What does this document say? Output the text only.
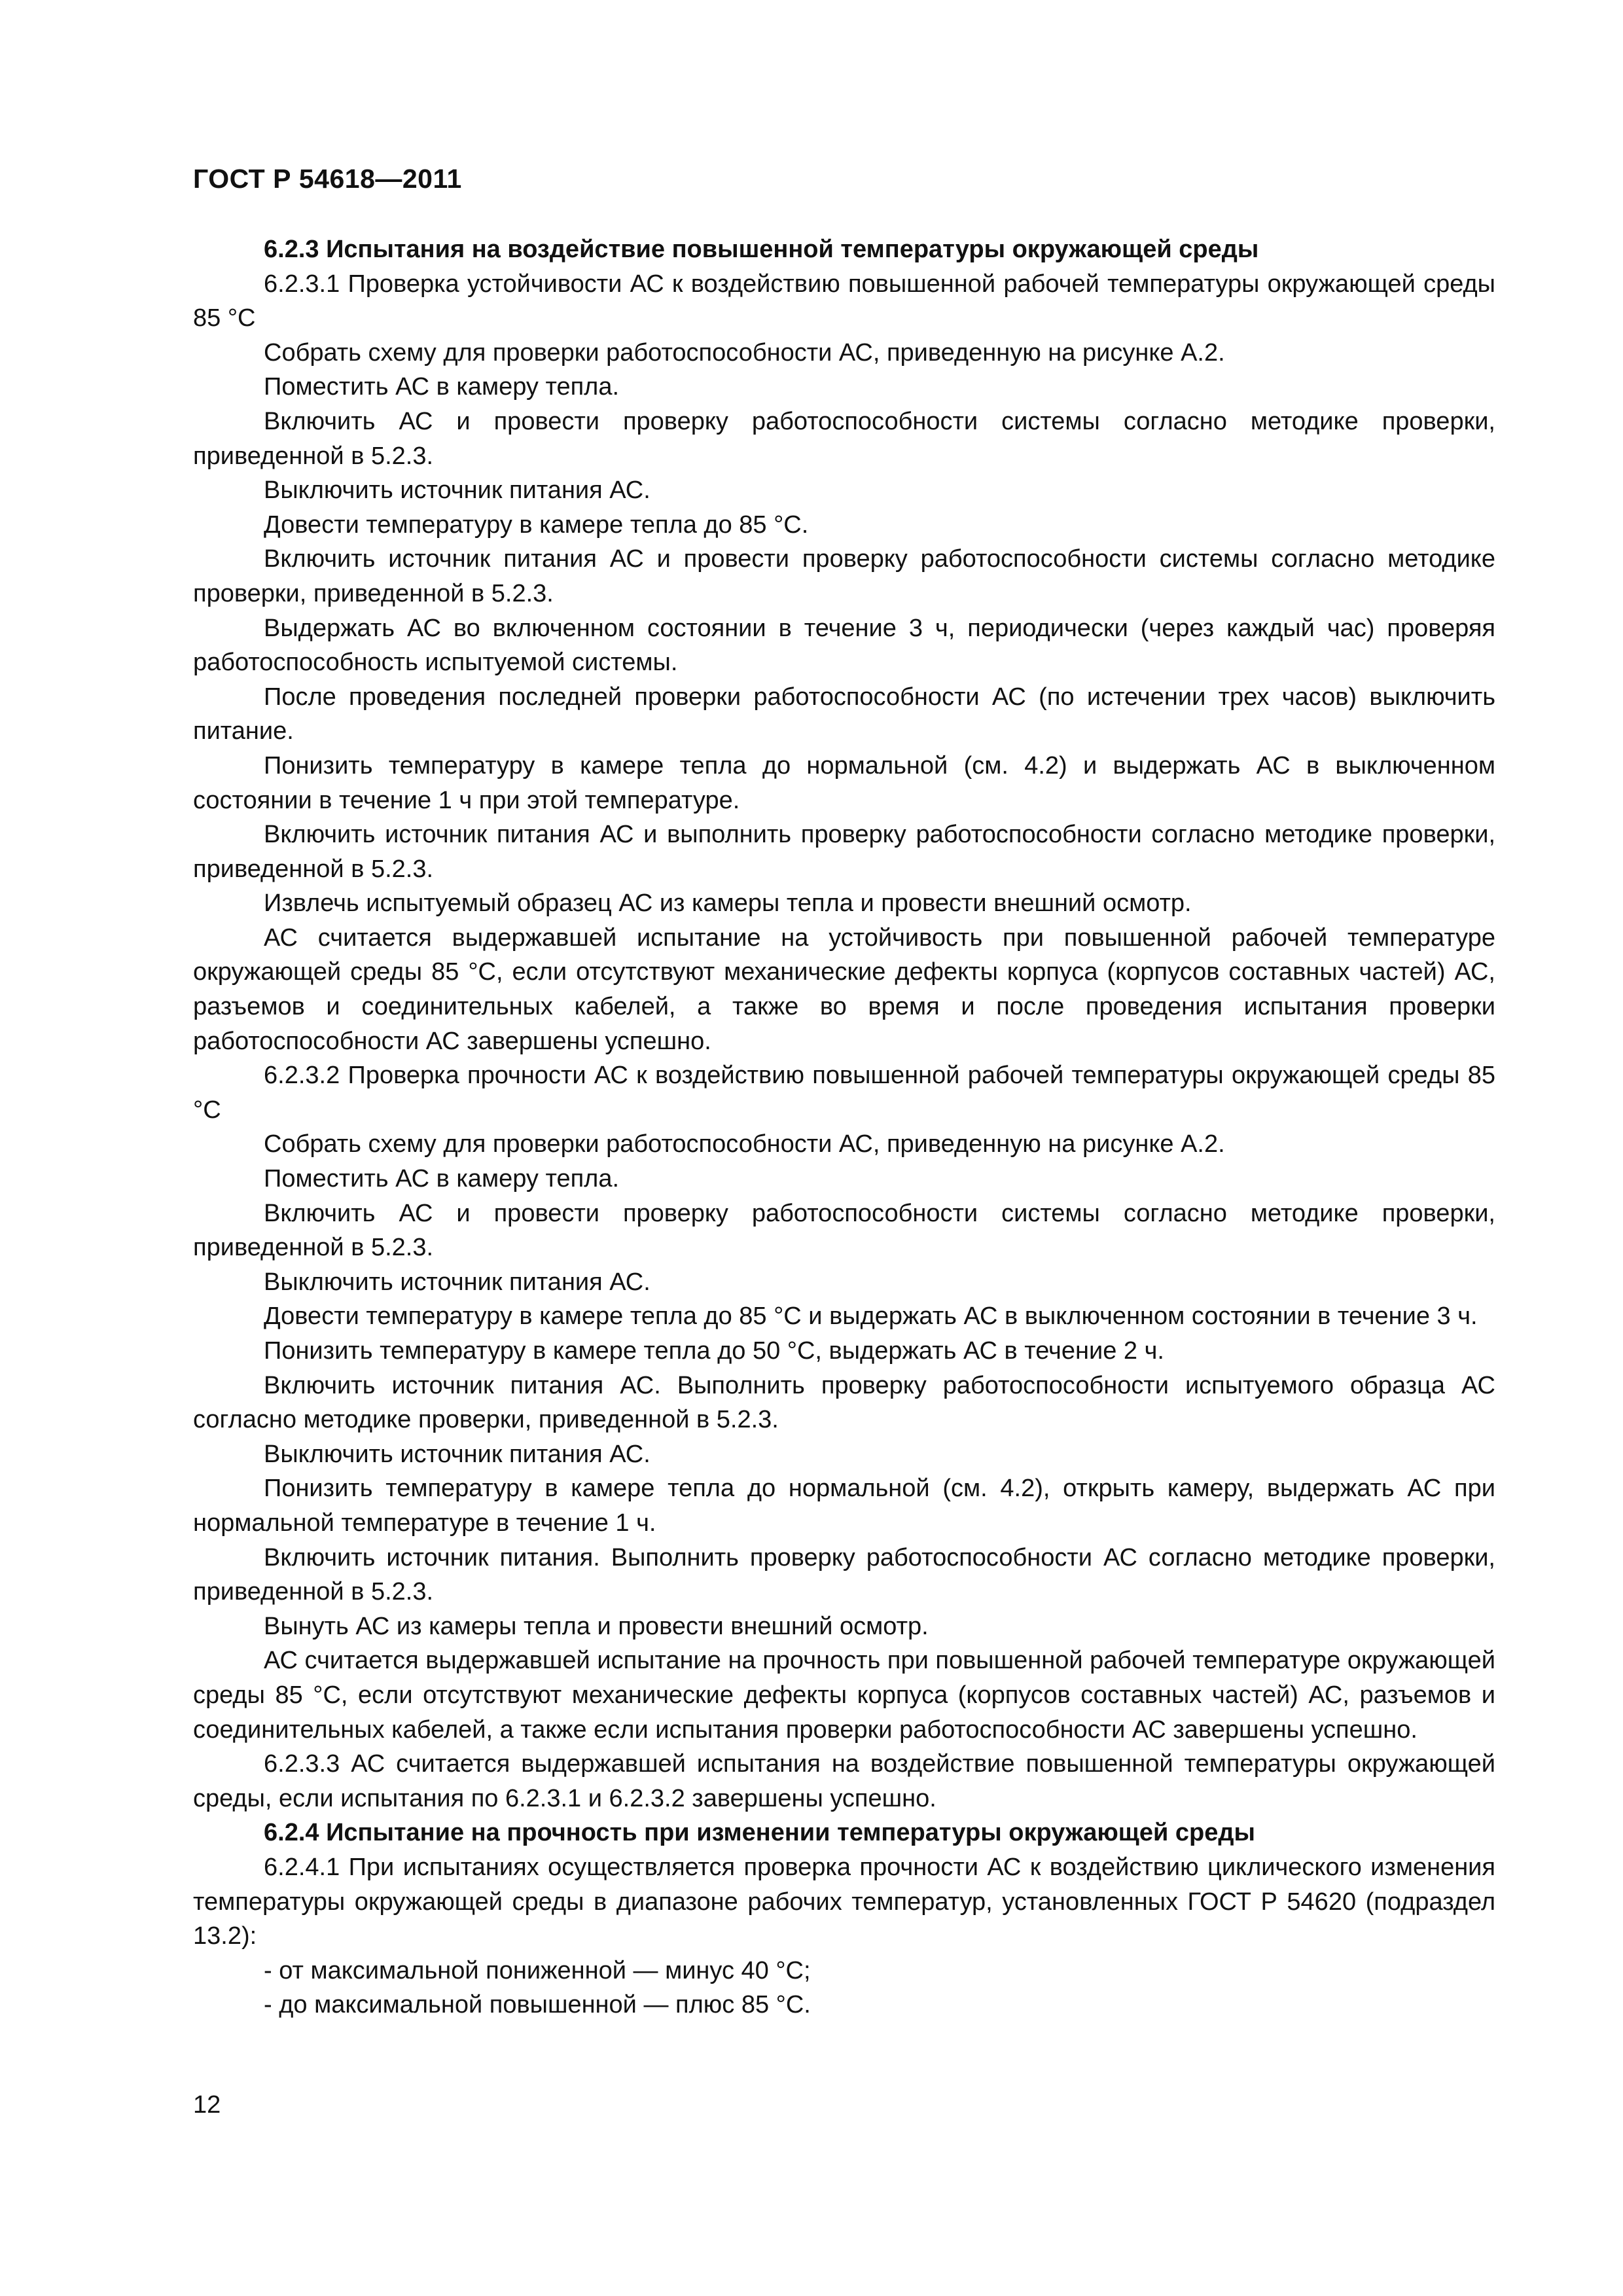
ГОСТ Р 54618—2011

6.2.3 Испытания на воздействие повышенной температуры окружающей среды

6.2.3.1 Проверка устойчивости АС к воздействию повышенной рабочей температуры окружающей среды 85 °С

Собрать схему для проверки работоспособности АС, приведенную на рисунке А.2.

Поместить АС в камеру тепла.

Включить АС и провести проверку работоспособности системы согласно методике проверки, приведенной в 5.2.3.

Выключить источник питания АС.

Довести температуру в камере тепла до 85 °С.

Включить источник питания АС и провести проверку работоспособности системы согласно методике проверки, приведенной в 5.2.3.

Выдержать АС во включенном состоянии в течение 3 ч, периодически (через каждый час) проверяя работоспособность испытуемой системы.

После проведения последней проверки работоспособности АС (по истечении трех часов) выключить питание.

Понизить температуру в камере тепла до нормальной (см. 4.2) и выдержать АС в выключенном состоянии в течение 1 ч при этой температуре.

Включить источник питания АС и выполнить проверку работоспособности согласно методике проверки, приведенной в 5.2.3.

Извлечь испытуемый образец АС из камеры тепла и провести внешний осмотр.

АС считается выдержавшей испытание на устойчивость при повышенной рабочей температуре окружающей среды 85 °С, если отсутствуют механические дефекты корпуса (корпусов составных частей) АС, разъемов и соединительных кабелей, а также во время и после проведения испытания проверки работоспособности АС завершены успешно.

6.2.3.2 Проверка прочности АС к воздействию повышенной рабочей температуры окружающей среды 85 °С

Собрать схему для проверки работоспособности АС, приведенную на рисунке А.2.

Поместить АС в камеру тепла.

Включить АС и провести проверку работоспособности системы согласно методике проверки, приведенной в 5.2.3.

Выключить источник питания АС.

Довести температуру в камере тепла до 85 °С и выдержать АС в выключенном состоянии в течение 3 ч.

Понизить температуру в камере тепла до 50 °С, выдержать АС в течение 2 ч.

Включить источник питания АС. Выполнить проверку работоспособности испытуемого образца АС согласно методике проверки, приведенной в 5.2.3.

Выключить источник питания АС.

Понизить температуру в камере тепла до нормальной (см. 4.2), открыть камеру, выдержать АС при нормальной температуре в течение 1 ч.

Включить источник питания. Выполнить проверку работоспособности АС согласно методике проверки, приведенной в 5.2.3.

Вынуть АС из камеры тепла и провести внешний осмотр.

АС считается выдержавшей испытание на прочность при повышенной рабочей температуре окружающей среды 85 °С, если отсутствуют механические дефекты корпуса (корпусов составных частей) АС, разъемов и соединительных кабелей, а также если испытания проверки работоспособности АС завершены успешно.

6.2.3.3 АС считается выдержавшей испытания на воздействие повышенной температуры окружающей среды, если испытания по 6.2.3.1 и 6.2.3.2 завершены успешно.

6.2.4 Испытание на прочность при изменении температуры окружающей среды

6.2.4.1 При испытаниях осуществляется проверка прочности АС к воздействию циклического изменения температуры окружающей среды в диапазоне рабочих температур, установленных ГОСТ Р 54620 (подраздел 13.2):

- от максимальной пониженной — минус 40 °С;

- до максимальной повышенной — плюс 85 °С.

12
